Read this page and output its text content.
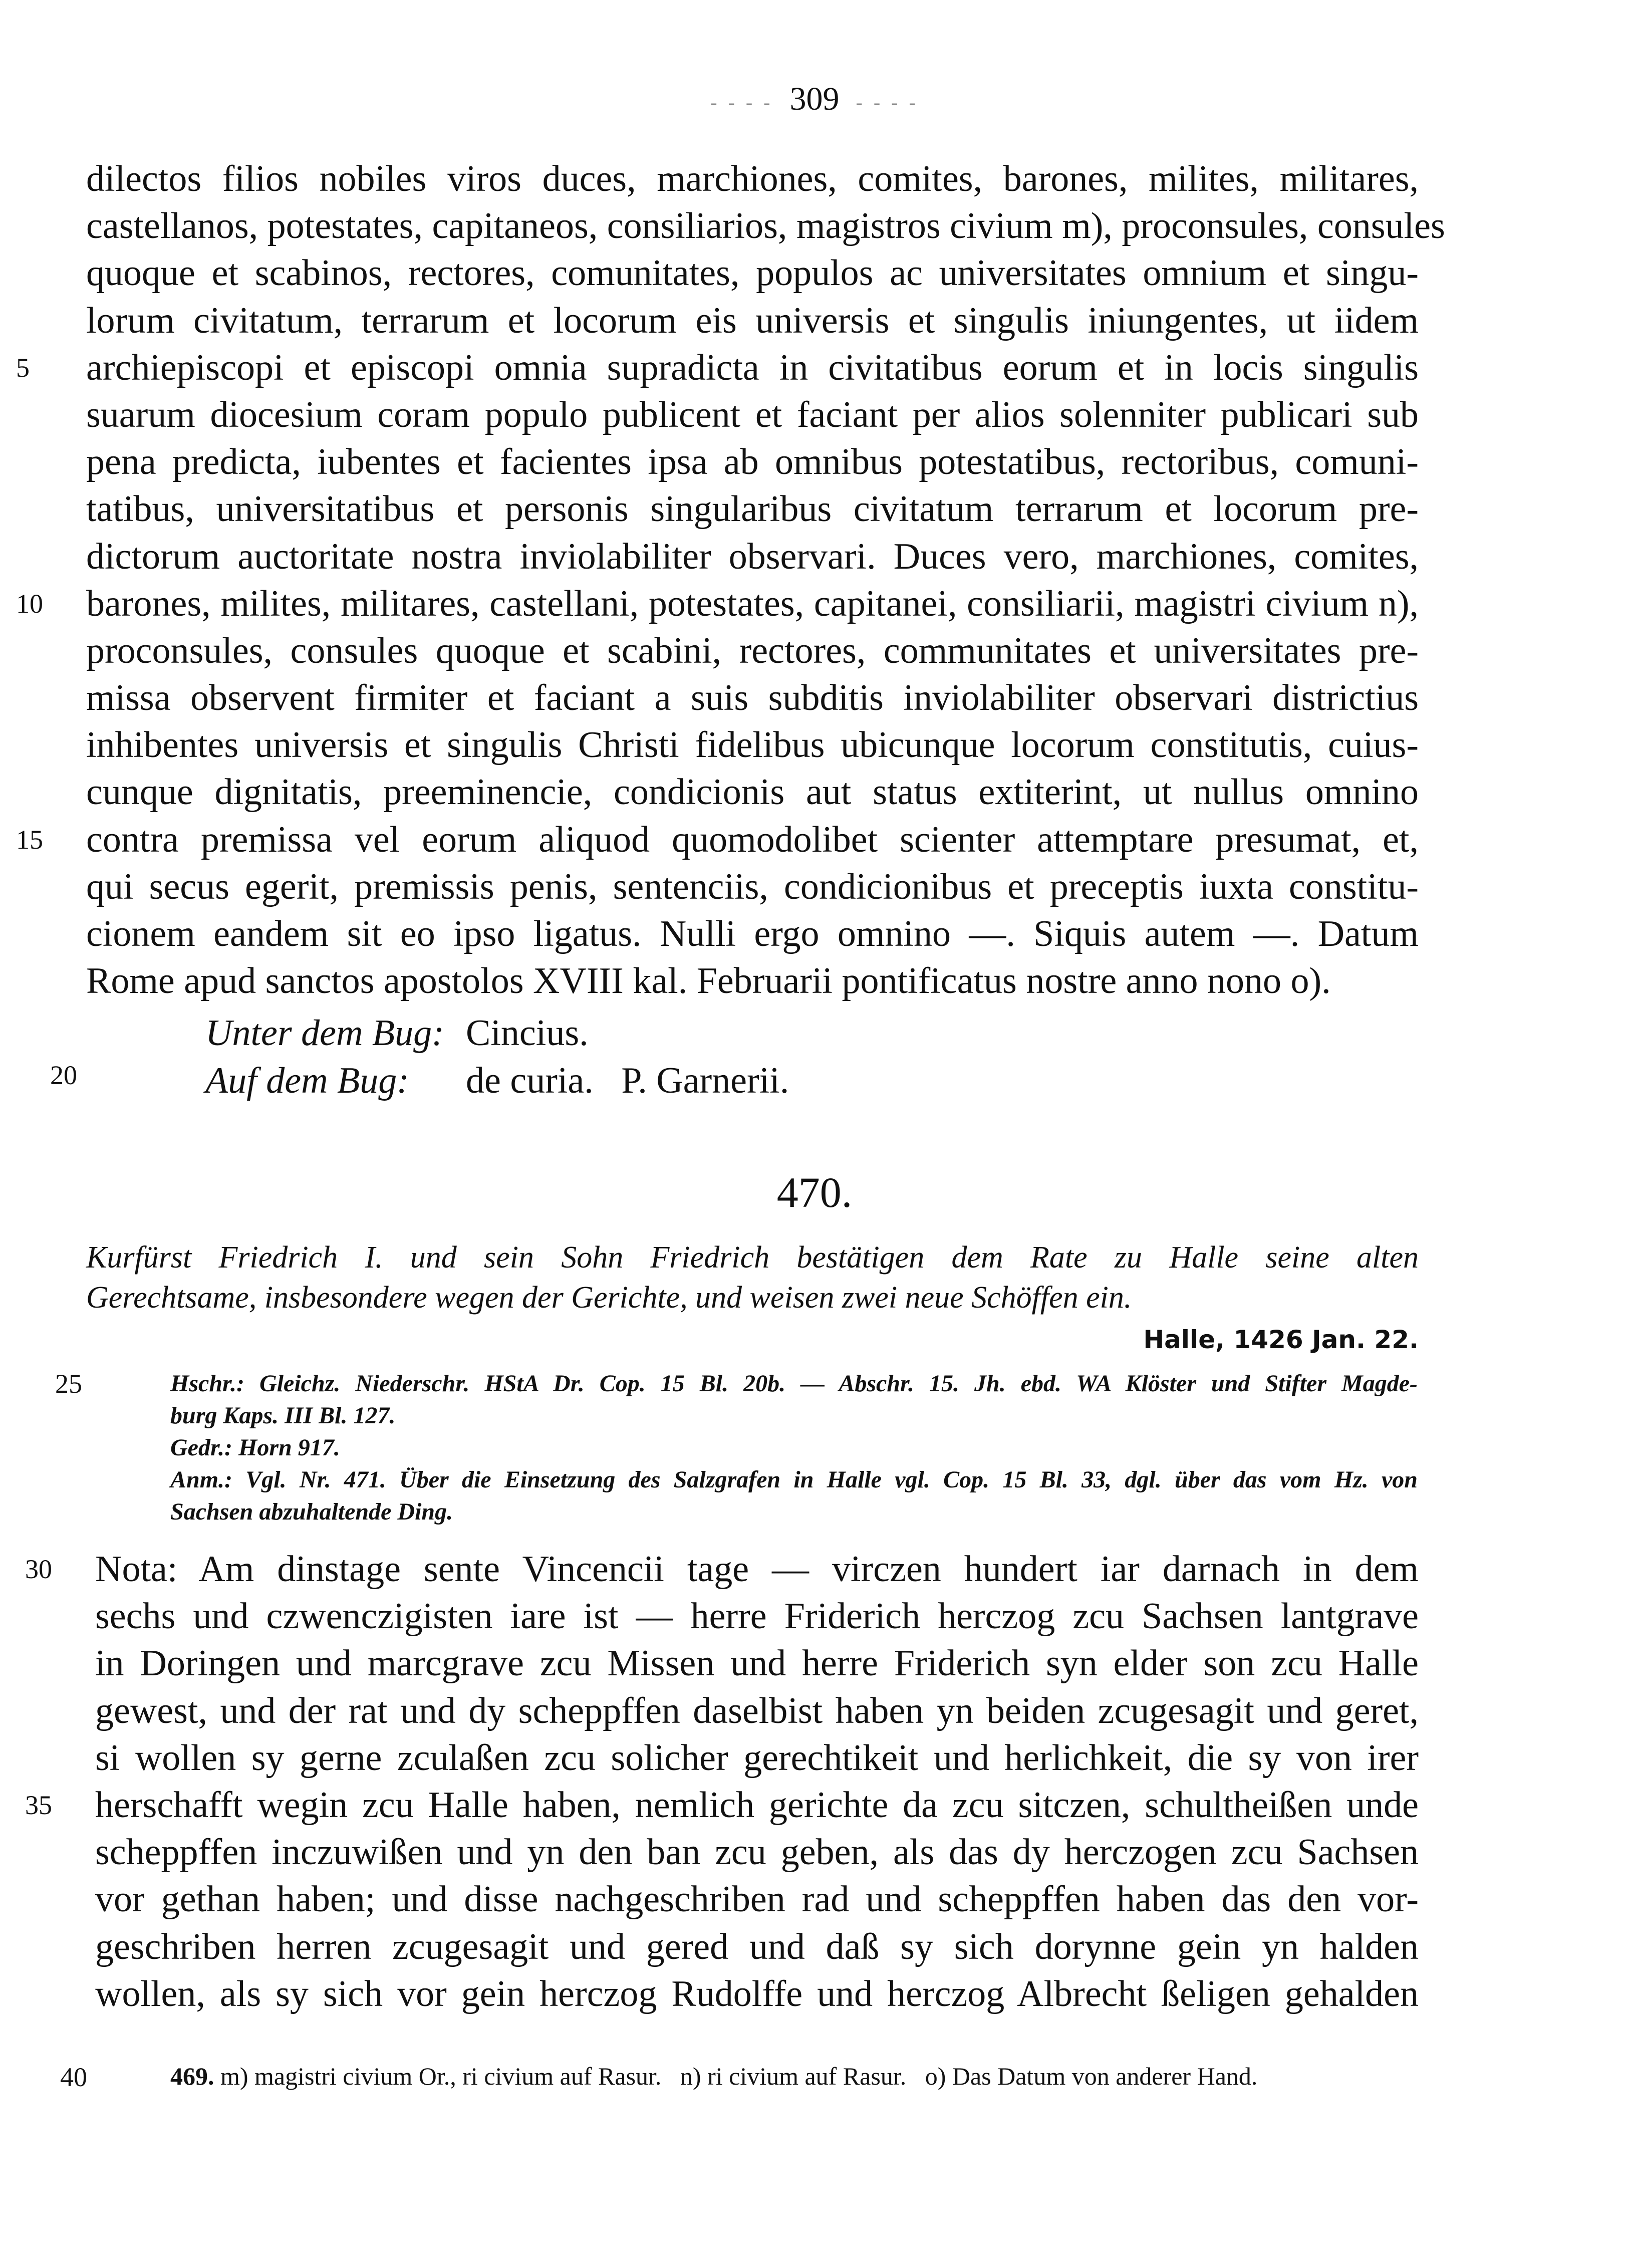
- - - - 309 - - - -
dilectos filios nobiles viros duces, marchiones, comites, barones, milites, militares,
castellanos, potestates, capitaneos, consiliarios, magistros civium m), proconsules, consules
quoque et scabinos, rectores, comunitates, populos ac universitates omnium et singu-
lorum civitatum, terrarum et locorum eis universis et singulis iniungentes, ut iidem
5	archiepiscopi et episcopi omnia supradicta in civitatibus eorum et in locis singulis
suarum diocesium coram populo publicent et faciant per alios solenniter publicari sub
pena predicta, iubentes et facientes ipsa ab omnibus potestatibus, rectoribus, comuni-
tatibus, universitatibus et personis singularibus civitatum terrarum et locorum pre-
dictorum auctoritate nostra inviolabiliter observari. Duces vero, marchiones, comites,
10	barones, milites, militares, castellani, potestates, capitanei, consiliarii, magistri civium n),
proconsules, consules quoque et scabini, rectores, communitates et universitates pre-
missa observent firmiter et faciant a suis subditis inviolabiliter observari districtius
inhibentes universis et singulis Christi fidelibus ubicunque locorum constitutis, cuius-
cunque dignitatis, preeminencie, condicionis aut status extiterint, ut nullus omnino
15	contra premissa vel eorum aliquod quomodolibet scienter attemptare presumat, et,
qui secus egerit, premissis penis, sentenciis, condicionibus et preceptis iuxta constitu-
cionem eandem sit eo ipso ligatus. Nulli ergo omnino —. Siquis autem —. Datum
Rome apud sanctos apostolos XVIII kal. Februarii pontificatus nostre anno nono o).
Unter dem Bug: Cincius.
20	Auf dem Bug: de curia.   P. Garnerii.
470.
Kurfürst Friedrich I. und sein Sohn Friedrich bestätigen dem Rate zu Halle seine alten
Gerechtsame, insbesondere wegen der Gerichte, und weisen zwei neue Schöffen ein.
Halle, 1426 Jan. 22.
25	Hschr.: Gleichz. Niederschr. HStA Dr. Cop. 15 Bl. 20b. — Abschr. 15. Jh. ebd. WA Klöster und Stifter Magde-
burg Kaps. III Bl. 127.
Gedr.: Horn 917.
Anm.: Vgl. Nr. 471. Über die Einsetzung des Salzgrafen in Halle vgl. Cop. 15 Bl. 33, dgl. über das vom Hz. von
Sachsen abzuhaltende Ding.
30	Nota: Am dinstage sente Vincencii tage — virczen hundert iar darnach in dem
sechs und czwenczigisten iare ist — herre Friderich herczog zcu Sachsen lantgrave
in Doringen und marcgrave zcu Missen und herre Friderich syn elder son zcu Halle
gewest, und der rat und dy scheppffen daselbist haben yn beiden zcugesagit und geret,
si wollen sy gerne zculaßen zcu solicher gerechtikeit und herlichkeit, die sy von irer
35	herschafft wegin zcu Halle haben, nemlich gerichte da zcu sitczen, schultheißen unde
scheppffen inczuwißen und yn den ban zcu geben, als das dy herczogen zcu Sachsen
vor gethan haben; und disse nachgeschriben rad und scheppffen haben das den vor-
geschriben herren zcugesagit und gered und daß sy sich dorynne gein yn halden
wollen, als sy sich vor gein herczog Rudolffe und herczog Albrecht ßeligen gehalden
40	469. m) magistri civium Or., ri civium auf Rasur.   n) ri civium auf Rasur.   o) Das Datum von anderer Hand.
